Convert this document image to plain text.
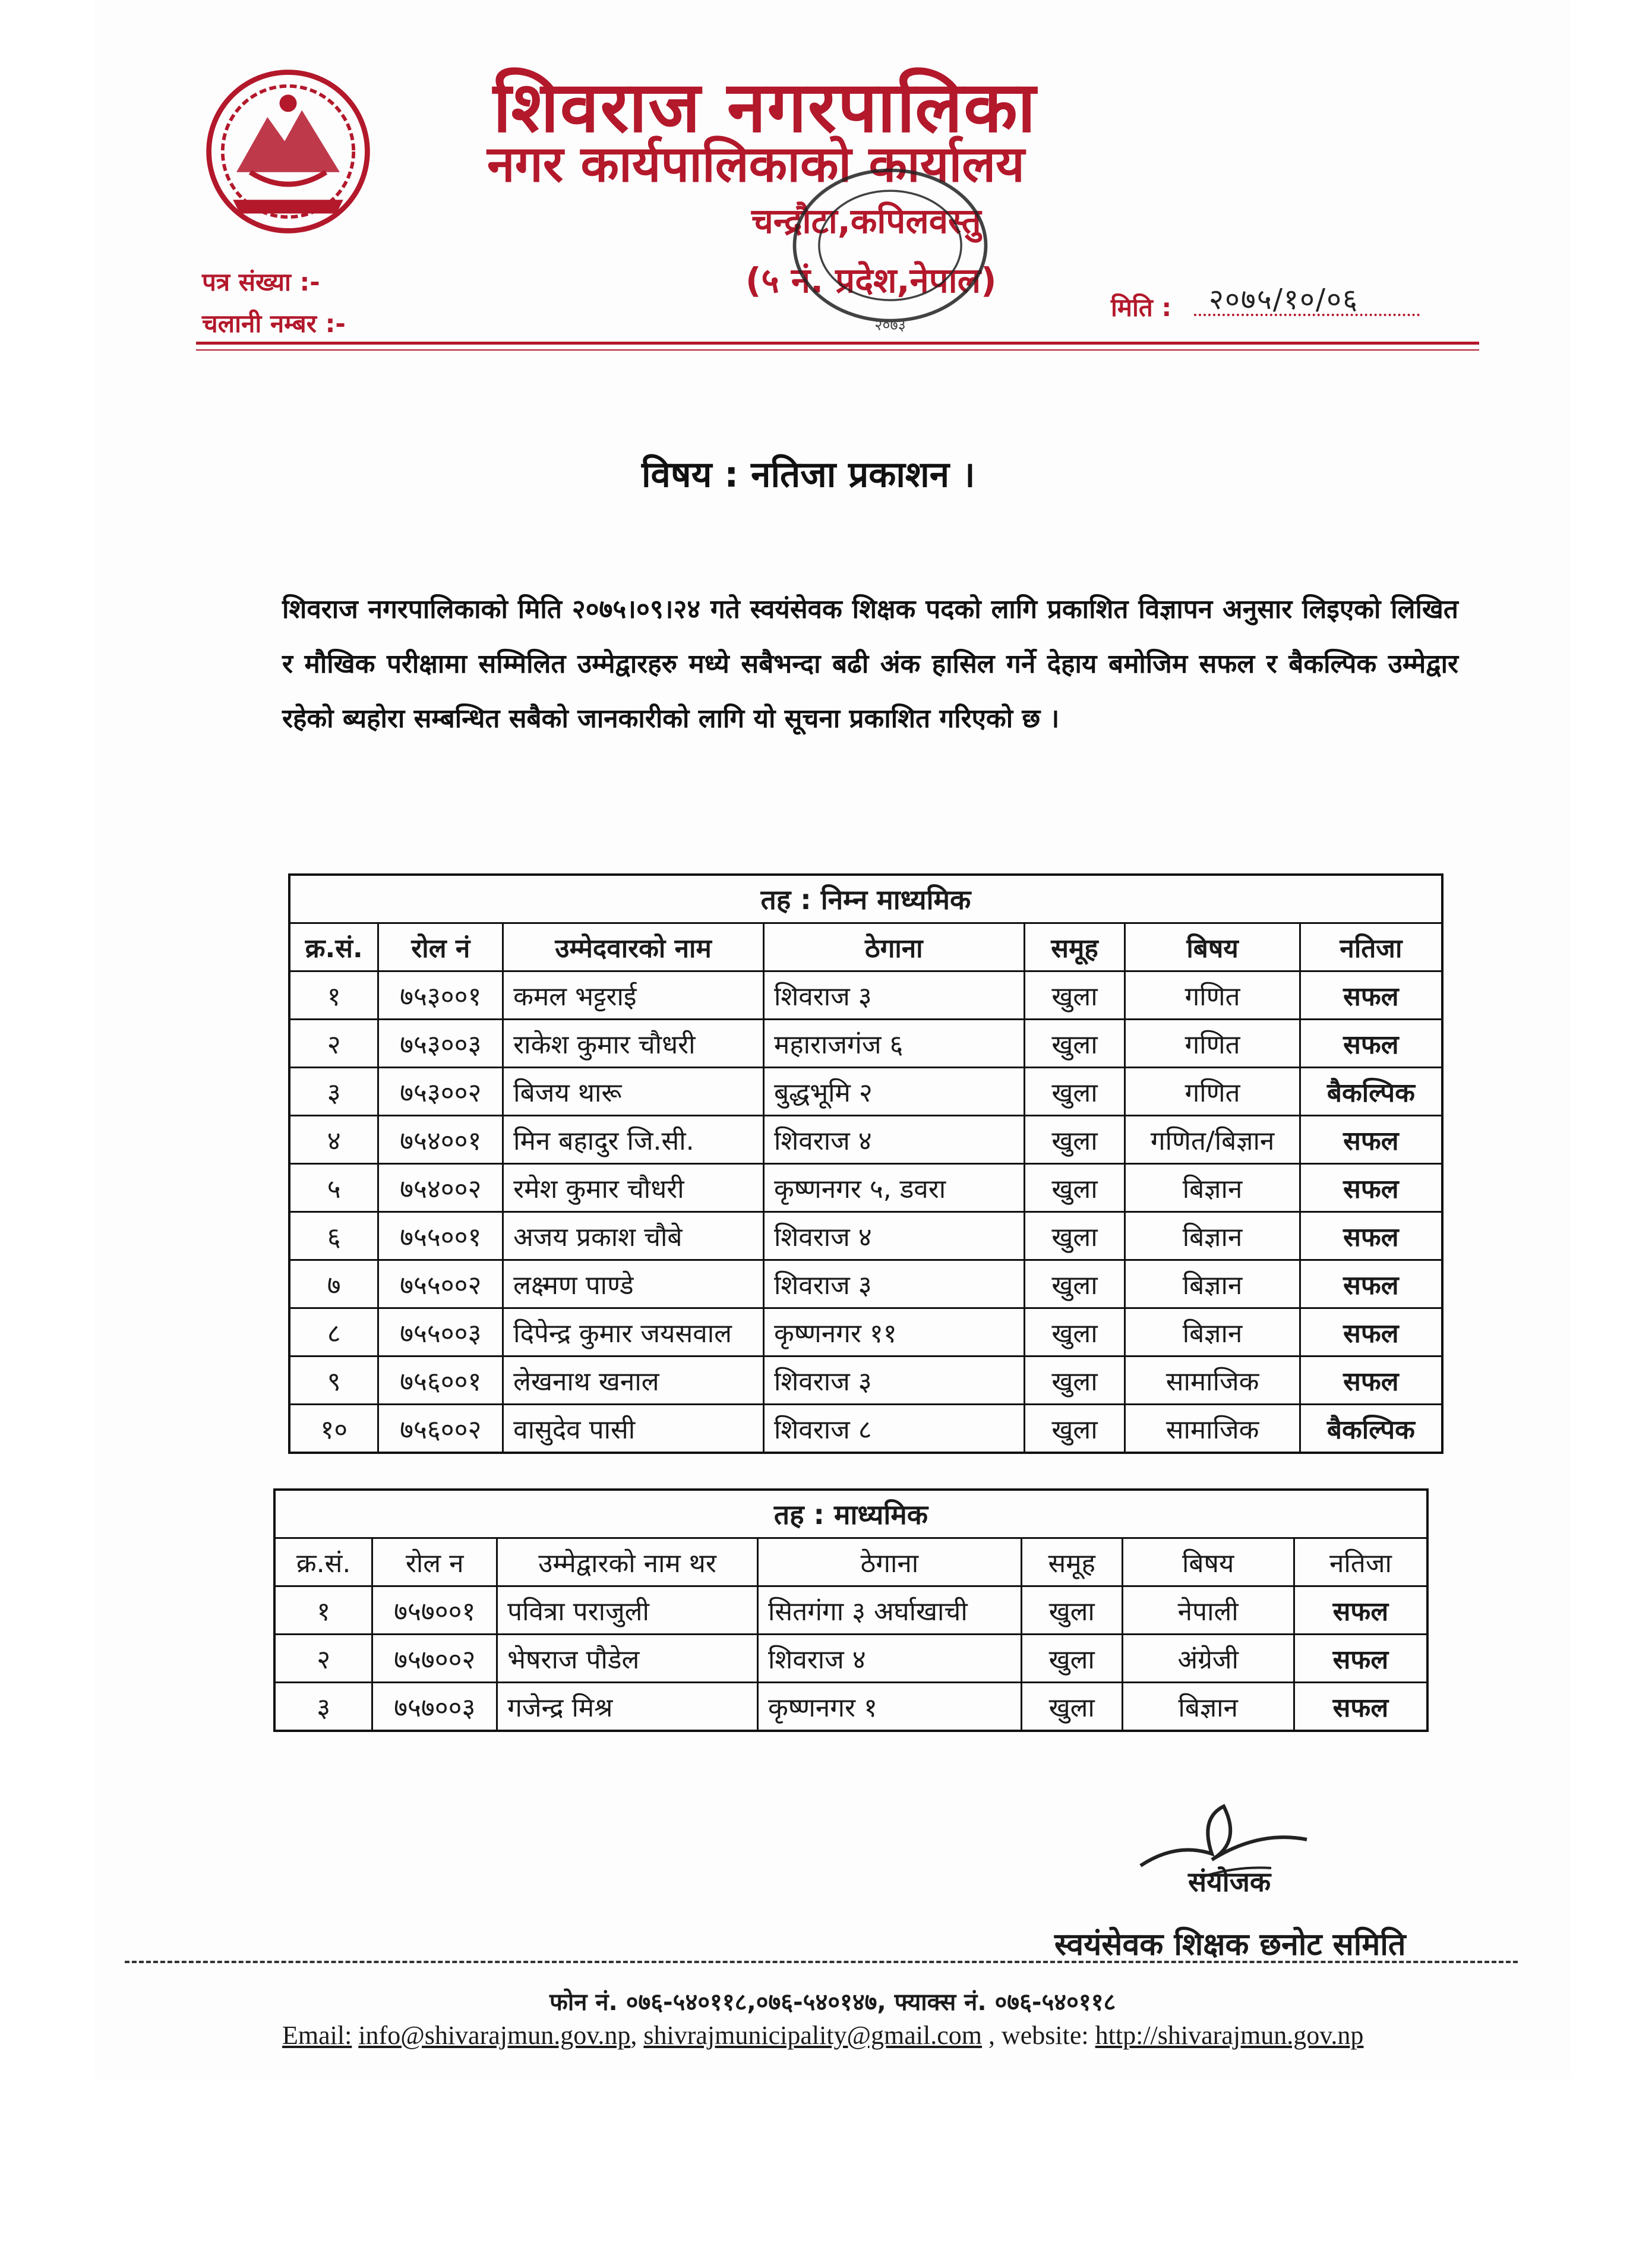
शिवराज नगरपालिका
नगर कार्यपालिकाको कार्यालय
चन्द्रौटा,कपिलवस्तु
(५ नं. प्रदेश,नेपाल)
२०७३
पत्र संख्या :-
चलानी नम्बर :-
मिति : २०७५/१०/०६
विषय : नतिजा प्रकाशन ।
शिवराज नगरपालिकाको मिति २०७५।०९।२४ गते स्वयंसेवक शिक्षक पदको लागि प्रकाशित विज्ञापन अनुसार लिइएको लिखित र मौखिक परीक्षामा सम्मिलित उम्मेद्वारहरु मध्ये सबैभन्दा बढी अंक हासिल गर्ने देहाय बमोजिम सफल र बैकल्पिक उम्मेद्वार रहेको ब्यहोरा सम्बन्धित सबैको जानकारीको लागि यो सूचना प्रकाशित गरिएको छ ।
तह : निम्न माध्यमिक						
क्र.सं.	रोल नं	उम्मेदवारको नाम	ठेगाना	समूह	बिषय	नतिजा
१	७५३००१	कमल भट्टराई	शिवराज ३	खुला	गणित	सफल
२	७५३००३	राकेश कुमार चौधरी	महाराजगंज ६	खुला	गणित	सफल
३	७५३००२	बिजय थारू	बुद्धभूमि २	खुला	गणित	बैकल्पिक
४	७५४००१	मिन बहादुर जि.सी.	शिवराज ४	खुला	गणित/बिज्ञान	सफल
५	७५४००२	रमेश कुमार चौधरी	कृष्णनगर ५, डवरा	खुला	बिज्ञान	सफल
६	७५५००१	अजय प्रकाश चौबे	शिवराज ४	खुला	बिज्ञान	सफल
७	७५५००२	लक्ष्मण पाण्डे	शिवराज ३	खुला	बिज्ञान	सफल
८	७५५००३	दिपेन्द्र कुमार जयसवाल	कृष्णनगर ११	खुला	बिज्ञान	सफल
९	७५६००१	लेखनाथ खनाल	शिवराज ३	खुला	सामाजिक	सफल
१०	७५६००२	वासुदेव पासी	शिवराज ८	खुला	सामाजिक	बैकल्पिक
तह : माध्यमिक						
क्र.सं.	रोल न	उम्मेद्वारको नाम थर	ठेगाना	समूह	बिषय	नतिजा
१	७५७००१	पवित्रा पराजुली	सितगंगा ३ अर्घाखाची	खुला	नेपाली	सफल
२	७५७००२	भेषराज पौडेल	शिवराज ४	खुला	अंग्रेजी	सफल
३	७५७००३	गजेन्द्र मिश्र	कृष्णनगर १	खुला	बिज्ञान	सफल
संयोजक
स्वयंसेवक शिक्षक छनोट समिति
फोन नं. ०७६-५४०११८,०७६-५४०१४७, फ्याक्स नं. ०७६-५४०११८
Email: info@shivarajmun.gov.np, shivrajmunicipality@gmail.com , website: http://shivarajmun.gov.np
